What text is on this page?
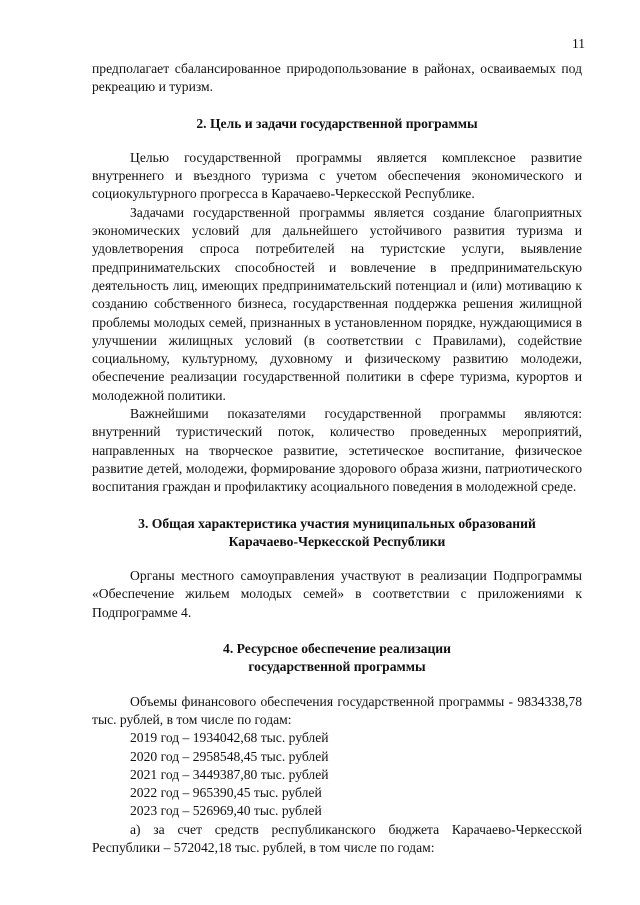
11

предполагает сбалансированное природопользование в районах, осваиваемых под рекреацию и туризм.

2. Цель и задачи государственной программы

Целью государственной программы является комплексное развитие внутреннего и въездного туризма с учетом обеспечения экономического и социокультурного прогресса в Карачаево-Черкесской Республике.

Задачами государственной программы является создание благоприятных экономических условий для дальнейшего устойчивого развития туризма и удовлетворения спроса потребителей на туристские услуги, выявление предпринимательских способностей и вовлечение в предпринимательскую деятельность лиц, имеющих предпринимательский потенциал и (или) мотивацию к созданию собственного бизнеса, государственная поддержка решения жилищной проблемы молодых семей, признанных в установленном порядке, нуждающимися в улучшении жилищных условий (в соответствии с Правилами), содействие социальному, культурному, духовному и физическому развитию молодежи, обеспечение реализации государственной политики в сфере туризма, курортов и молодежной политики.

Важнейшими показателями государственной программы являются: внутренний туристический поток, количество проведенных мероприятий, направленных на творческое развитие, эстетическое воспитание, физическое развитие детей, молодежи, формирование здорового образа жизни, патриотического воспитания граждан и профилактику асоциального поведения в молодежной среде.

3. Общая характеристика участия муниципальных образований
Карачаево-Черкесской Республики

Органы местного самоуправления участвуют в реализации Подпрограммы «Обеспечение жильем молодых семей» в соответствии с приложениями к Подпрограмме 4.

4. Ресурсное обеспечение реализации
государственной программы

Объемы финансового обеспечения государственной программы - 9834338,78 тыс. рублей, в том числе по годам:

2019 год – 1934042,68 тыс. рублей
2020 год – 2958548,45 тыс. рублей
2021 год – 3449387,80 тыс. рублей
2022 год – 965390,45 тыс. рублей
2023 год – 526969,40 тыс. рублей

а) за счет средств республиканского бюджета Карачаево-Черкесской Республики – 572042,18 тыс. рублей, в том числе по годам:
